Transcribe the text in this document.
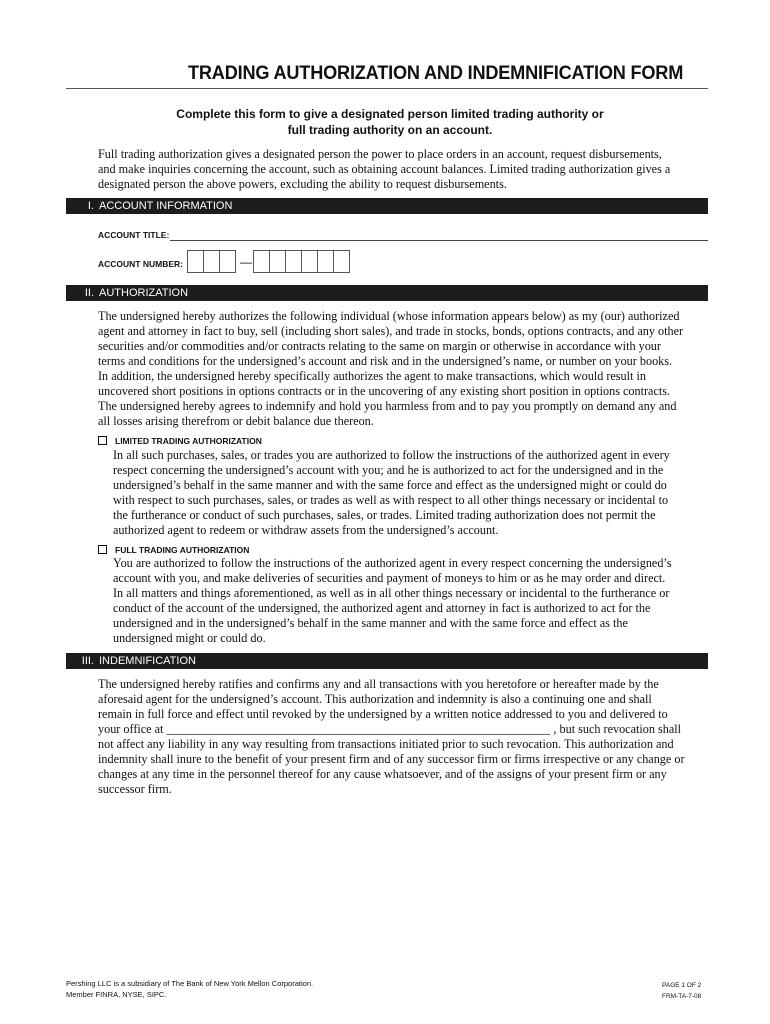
TRADING AUTHORIZATION AND INDEMNIFICATION FORM
Complete this form to give a designated person limited trading authority or
full trading authority on an account.
Full trading authorization gives a designated person the power to place orders in an account, request disbursements,
and make inquiries concerning the account, such as obtaining account balances. Limited trading authorization gives a
designated person the above powers, excluding the ability to request disbursements.
I. ACCOUNT INFORMATION
ACCOUNT TITLE:
ACCOUNT NUMBER:	—
II. AUTHORIZATION
The undersigned hereby authorizes the following individual (whose information appears below) as my (our) authorized
agent and attorney in fact to buy, sell (including short sales), and trade in stocks, bonds, options contracts, and any other
securities and/or commodities and/or contracts relating to the same on margin or otherwise in accordance with your
terms and conditions for the undersigned’s account and risk and in the undersigned’s name, or number on your books.
In addition, the undersigned hereby specifically authorizes the agent to make transactions, which would result in
uncovered short positions in options contracts or in the uncovering of any existing short position in options contracts.
The undersigned hereby agrees to indemnify and hold you harmless from and to pay you promptly on demand any and
all losses arising therefrom or debit balance due thereon.
LIMITED TRADING AUTHORIZATION
In all such purchases, sales, or trades you are authorized to follow the instructions of the authorized agent in every
respect concerning the undersigned’s account with you; and he is authorized to act for the undersigned and in the
undersigned’s behalf in the same manner and with the same force and effect as the undersigned might or could do
with respect to such purchases, sales, or trades as well as with respect to all other things necessary or incidental to
the furtherance or conduct of such purchases, sales, or trades. Limited trading authorization does not permit the
authorized agent to redeem or withdraw assets from the undersigned’s account.
FULL TRADING AUTHORIZATION
You are authorized to follow the instructions of the authorized agent in every respect concerning the undersigned’s
account with you, and make deliveries of securities and payment of moneys to him or as he may order and direct.
In all matters and things aforementioned, as well as in all other things necessary or incidental to the furtherance or
conduct of the account of the undersigned, the authorized agent and attorney in fact is authorized to act for the
undersigned and in the undersigned’s behalf in the same manner and with the same force and effect as the
undersigned might or could do.
III. INDEMNIFICATION
The undersigned hereby ratifies and confirms any and all transactions with you heretofore or hereafter made by the
aforesaid agent for the undersigned’s account. This authorization and indemnity is also a continuing one and shall
remain in full force and effect until revoked by the undersigned by a written notice addressed to you and delivered to
your office at _______________________________________________________________ , but such revocation shall
not affect any liability in any way resulting from transactions initiated prior to such revocation. This authorization and
indemnity shall inure to the benefit of your present firm and of any successor firm or firms irrespective or any change or
changes at any time in the personnel thereof for any cause whatsoever, and of the assigns of your present firm or any
successor firm.
Pershing LLC is a subsidiary of The Bank of New York Mellon Corporation.
Member FINRA, NYSE, SIPC.
PAGE 1 OF 2
FRM-TA-7-08
